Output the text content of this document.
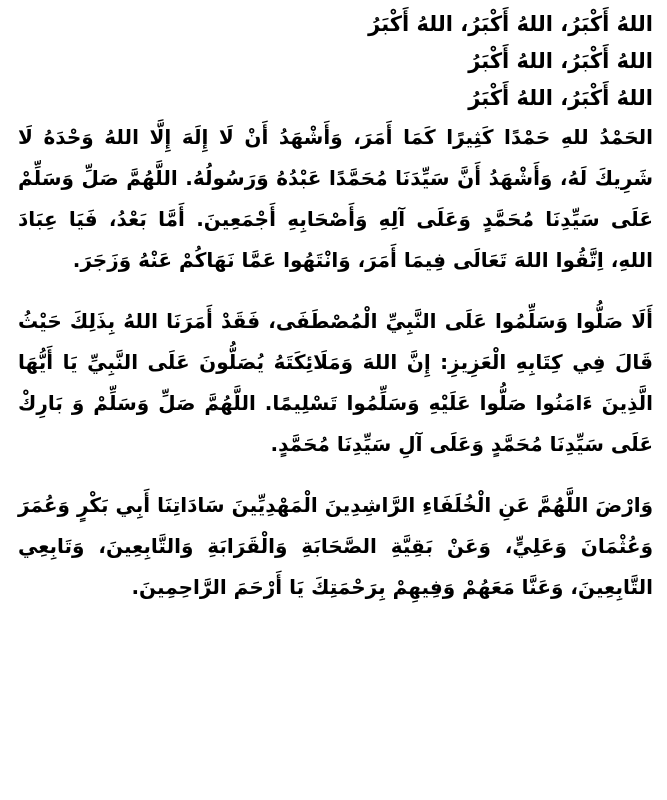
اللهُ أَكْبَرُ، اللهُ أَكْبَرُ، اللهُ أَكْبَرُ

اللهُ أَكْبَرُ، اللهُ أَكْبَرُ

اللهُ أَكْبَرُ، اللهُ أَكْبَرُ

الحَمْدُ للهِ حَمْدًا كَثِيرًا كَمَا أَمَرَ، وَأَشْهَدُ أَنْ لَا إِلَهَ إِلَّا اللهُ وَحْدَهُ لَا شَرِيكَ لَهُ، وَأَشْهَدُ أَنَّ سَيِّدَنَا مُحَمَّدًا عَبْدُهُ وَرَسُولُهُ. اللَّهُمَّ صَلِّ وَسَلِّمْ عَلَى سَيِّدِنَا مُحَمَّدٍ وَعَلَى آلِهِ وَأَصْحَابِهِ أَجْمَعِينَ. أَمَّا بَعْدُ، فَيَا عِبَادَ اللهِ، اِتَّقُوا اللهَ تَعَالَى فِيمَا أَمَرَ، وَانْتَهُوا عَمَّا نَهَاكُمْ عَنْهُ وَزَجَرَ.

أَلَا صَلُّوا وَسَلِّمُوا عَلَى النَّبِيِّ الْمُصْطَفَى، فَقَدْ أَمَرَنَا اللهُ بِذَلِكَ حَيْثُ قَالَ فِي كِتَابِهِ الْعَزِيزِ: إِنَّ اللهَ وَمَلَائِكَتَهُ يُصَلُّونَ عَلَى النَّبِيِّ يَا أَيُّهَا الَّذِينَ ءَامَنُوا صَلُّوا عَلَيْهِ وَسَلِّمُوا تَسْلِيمًا. اللَّهُمَّ صَلِّ وَسَلِّمْ وَ بَارِكْ عَلَى سَيِّدِنَا مُحَمَّدٍ وَعَلَى آلِ سَيِّدِنَا مُحَمَّدٍ.

وَارْضَ اللَّهُمَّ عَنِ الْخُلَفَاءِ الرَّاشِدِينَ الْمَهْدِيِّينَ سَادَاتِنَا أَبِي بَكْرٍ وَعُمَرَ وَعُثْمَانَ وَعَلِيٍّ، وَعَنْ بَقِيَّةِ الصَّحَابَةِ وَالْقَرَابَةِ وَالتَّابِعِينَ، وَتَابِعِي التَّابِعِينَ، وَعَنَّا مَعَهُمْ وَفِيهِمْ بِرَحْمَتِكَ يَا أَرْحَمَ الرَّاحِمِينَ.
